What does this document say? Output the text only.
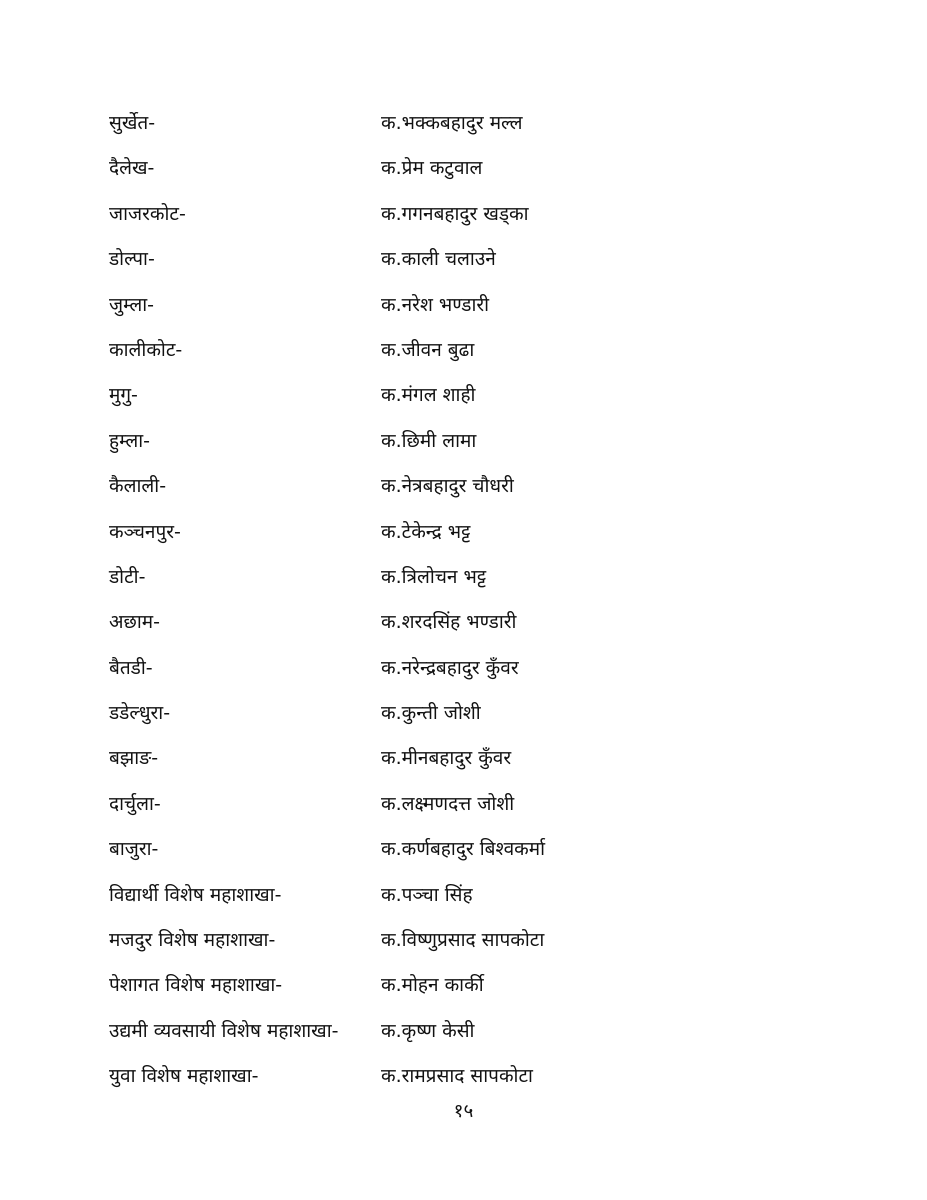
सुर्खेत-	क.भक्कबहादुर मल्ल
दैलेख-	क.प्रेम कटुवाल
जाजरकोट-	क.गगनबहादुर खड्का
डोल्पा-	क.काली चलाउने
जुम्ला-	क.नरेश भण्डारी
कालीकोट-	क.जीवन बुढा
मुगु-	क.मंगल शाही
हुम्ला-	क.छिमी लामा
कैलाली-	क.नेत्रबहादुर चौधरी
कञ्चनपुर-	क.टेकेन्द्र भट्ट
डोटी-	क.त्रिलोचन भट्ट
अछाम-	क.शरदसिंह भण्डारी
बैतडी-	क.नरेन्द्रबहादुर कुँवर
डडेल्धुरा-	क.कुन्ती जोशी
बझाङ-	क.मीनबहादुर कुँवर
दार्चुला-	क.लक्ष्मणदत्त जोशी
बाजुरा-	क.कर्णबहादुर बिश्वकर्मा
विद्यार्थी विशेष महाशाखा-	क.पञ्चा सिंह
मजदुर विशेष महाशाखा-	क.विष्णुप्रसाद सापकोटा
पेशागत विशेष महाशाखा-	क.मोहन कार्की
उद्यमी व्यवसायी विशेष महाशाखा- क.कृष्ण केसी
युवा विशेष महाशाखा-	क.रामप्रसाद सापकोटा
१५
